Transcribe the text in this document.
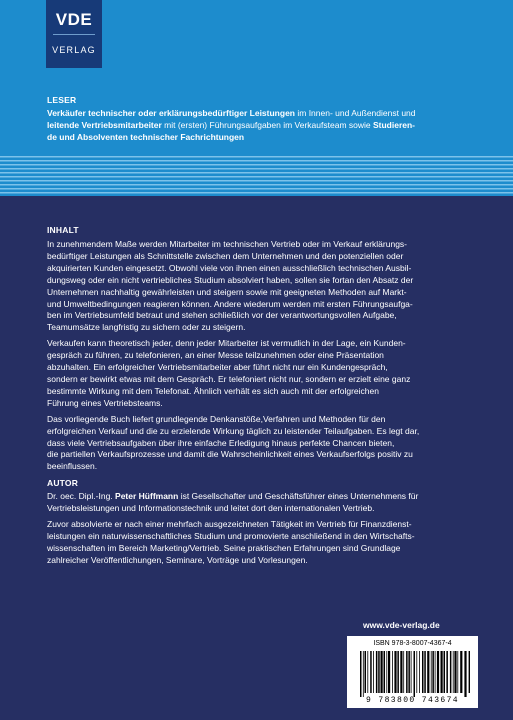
VDE
VERLAG
LESER
Verkäufer technischer oder erklärungsbedürftiger Leistungen im Innen- und Außendienst und
leitende Vertriebsmitarbeiter mit (ersten) Führungsaufgaben im Verkaufsteam sowie Studieren-
de und Absolventen technischer Fachrichtungen
INHALT
In zunehmendem Maße werden Mitarbeiter im technischen Vertrieb oder im Verkauf erklärungs-
bedürftiger Leistungen als Schnittstelle zwischen dem Unternehmen und den potenziellen oder
akquirierten Kunden eingesetzt. Obwohl viele von ihnen einen ausschließlich technischen Ausbil-
dungsweg oder ein nicht vertriebliches Studium absolviert haben, sollen sie fortan den Absatz der
Unternehmen nachhaltig gewährleisten und steigern sowie mit geeigneten Methoden auf Markt-
und Umweltbedingungen reagieren können. Andere wiederum werden mit ersten Führungsaufga-
ben im Vertriebsumfeld betraut und stehen schließlich vor der verantwortungsvollen Aufgabe,
Teamumsätze langfristig zu sichern oder zu steigern.
Verkaufen kann theoretisch jeder, denn jeder Mitarbeiter ist vermutlich in der Lage, ein Kunden-
gespräch zu führen, zu telefonieren, an einer Messe teilzunehmen oder eine Präsentation
abzuhalten. Ein erfolgreicher Vertriebsmitarbeiter aber führt nicht nur ein Kundengespräch,
sondern er bewirkt etwas mit dem Gespräch. Er telefoniert nicht nur, sondern er erzielt eine ganz
bestimmte Wirkung mit dem Telefonat. Ähnlich verhält es sich auch mit der erfolgreichen
Führung eines Vertriebsteams.
Das vorliegende Buch liefert grundlegende Denkanstöße,Verfahren und Methoden für den
erfolgreichen Verkauf und die zu erzielende Wirkung täglich zu leistender Teilaufgaben. Es legt dar,
dass viele Vertriebsaufgaben über ihre einfache Erledigung hinaus perfekte Chancen bieten,
die partiellen Verkaufsprozesse und damit die Wahrscheinlichkeit eines Verkaufserfolgs positiv zu
beeinflussen.
AUTOR
Dr. oec. Dipl.-Ing. Peter Hüffmann ist Gesellschafter und Geschäftsführer eines Unternehmens für
Vertriebsleistungen und Informationstechnik und leitet dort den internationalen Vertrieb.
Zuvor absolvierte er nach einer mehrfach ausgezeichneten Tätigkeit im Vertrieb für Finanzdienst-
leistungen ein naturwissenschaftliches Studium und promovierte anschließend in den Wirtschafts-
wissenschaften im Bereich Marketing/Vertrieb. Seine praktischen Erfahrungen sind Grundlage
zahlreicher Veröffentlichungen, Seminare, Vorträge und Vorlesungen.
www.vde-verlag.de
ISBN 978-3-8007-4367-4
9 783800 743674
